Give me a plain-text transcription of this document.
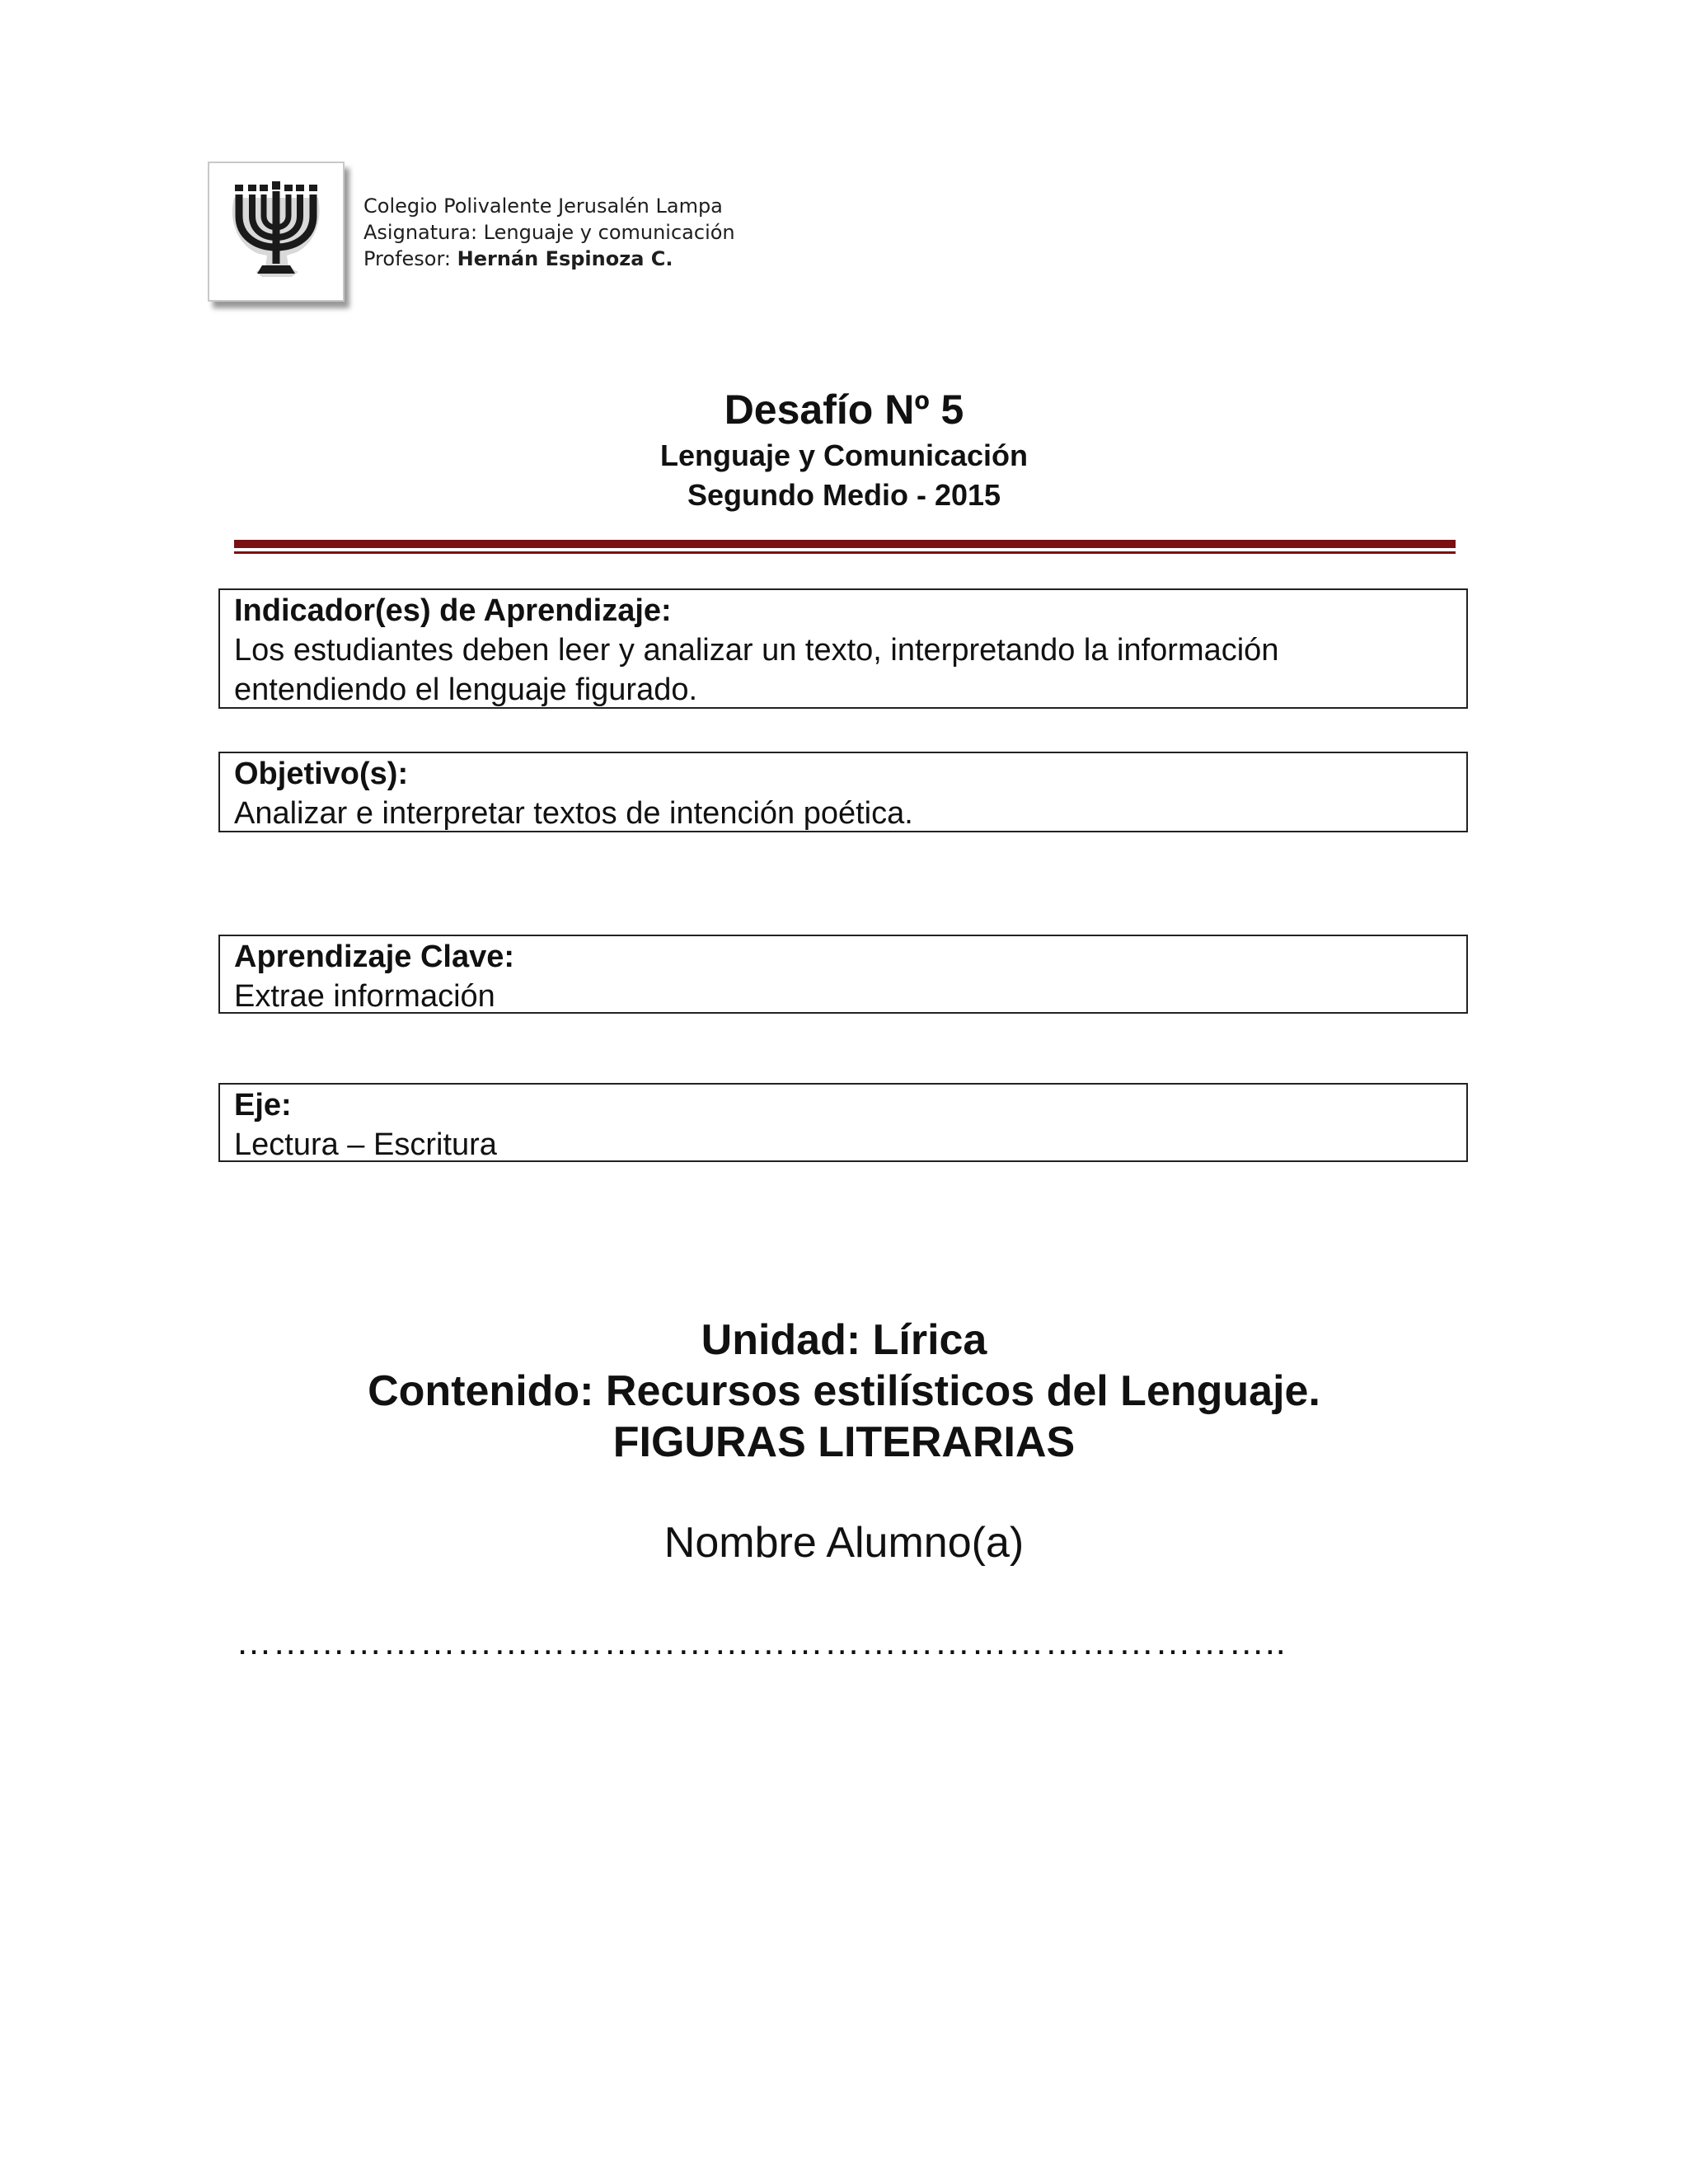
Colegio Polivalente Jerusalén Lampa
Asignatura: Lenguaje y comunicación
Profesor: Hernán Espinoza C.
Desafío Nº 5
Lenguaje y Comunicación
Segundo Medio - 2015
Indicador(es) de Aprendizaje:
Los estudiantes deben leer y analizar un texto, interpretando la información
entendiendo el lenguaje figurado.
Objetivo(s):
Analizar e interpretar textos de intención poética.
Aprendizaje Clave:
Extrae información
Eje:
Lectura – Escritura
Unidad: Lírica
Contenido: Recursos estilísticos del Lenguaje.
FIGURAS LITERARIAS
Nombre Alumno(a)
…………………………………………………………………………..
